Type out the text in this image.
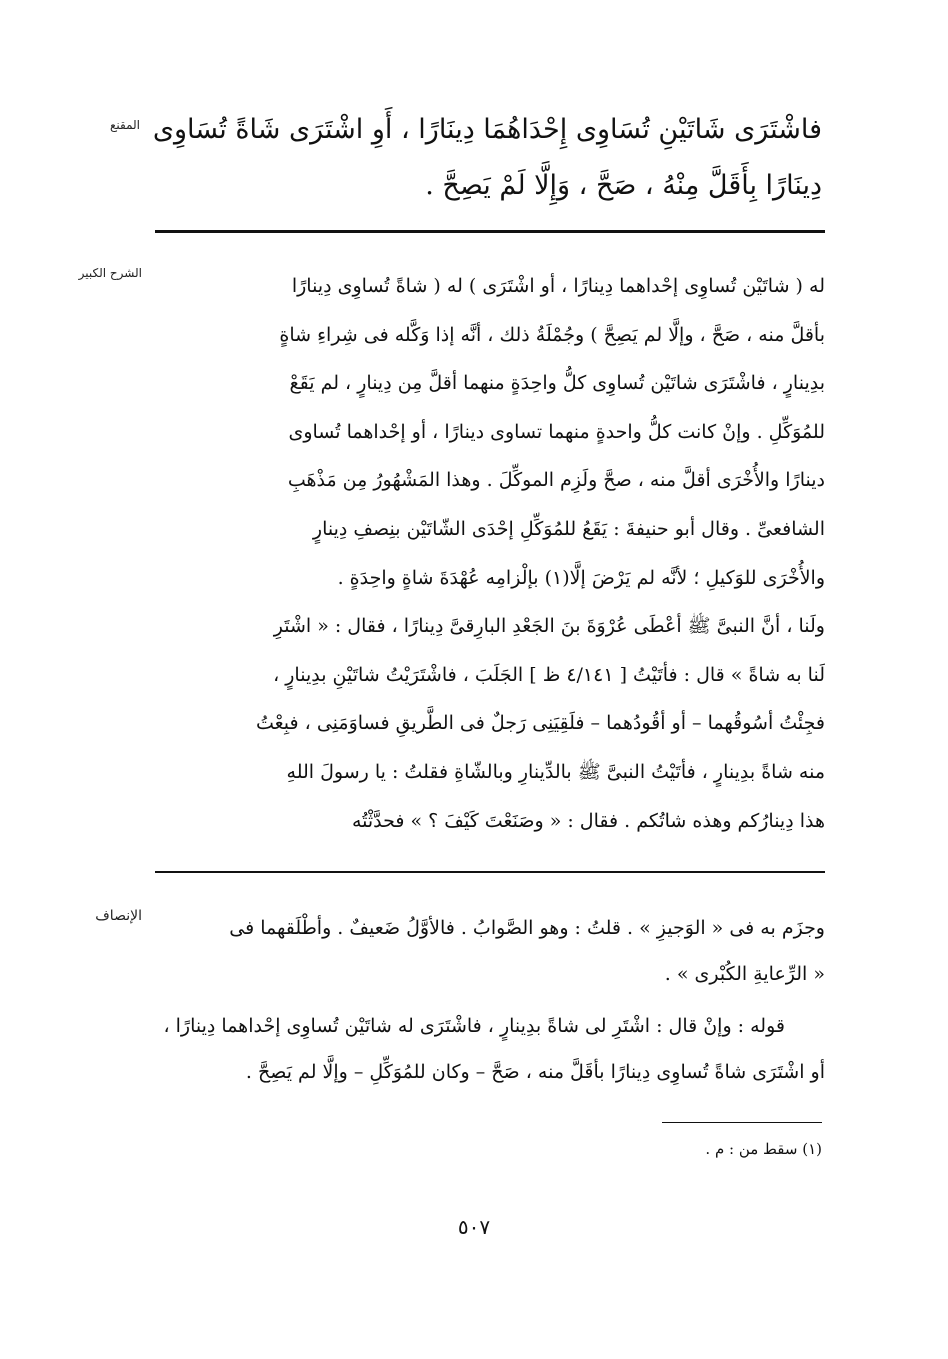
المقنع فاشْتَرَى شَاتَيْنِ تُسَاوِى إِحْدَاهُمَا دِينَارًا ، أَوِ اشْتَرَى شَاةً تُسَاوِى
دِينَارًا بِأَقَلَّ مِنْهُ ، صَحَّ ، وَإِلَّا لَمْ يَصِحَّ .
الشرح الكبير
له ( شاتَيْن تُساوِى إحْداهما دِينارًا ، أو اشْتَرَى ) له ( شاةً تُساوِى دِينارًا
بأقلَّ منه ، صَحَّ ، وإلَّا لم يَصِحَّ ) وجُمْلَةُ ذلك ، أنَّه إذا وَكَّله فى شِراءِ شاةٍ
بدِينارٍ ، فاشْتَرَى شاتَيْن تُساوِى كلُّ واحِدَةٍ منهما أقلَّ مِن دِينارٍ ، لم يَقَعْ
للمُوَكِّلِ . وإنْ كانت كلُّ واحدةٍ منهما تساوى دينارًا ، أو إحْداهما تُساوى
دينارًا والأُخْرَى أقلَّ منه ، صحَّ ولَزِم الموكِّلَ . وهذا المَشْهُورُ مِن مَذْهَبِ
الشافعىِّ . وقال أبو حنيفةَ : يَقَعُ للمُوَكِّلِ إحْدَى الشّاتَيْن بنِصفِ دِينارٍ
والأُخْرَى للوَكيلِ ؛ لأنَّه لم يَرْضَ إلَّا(١) بإلْزامِه عُهْدَةَ شاةٍ واحِدَةٍ .
ولَنا ، أنَّ النبىَّ ﷺ أعْطَى عُرْوَةَ بنَ الجَعْدِ البارِقىَّ دِينارًا ، فقال : « اشْتَرِ
لَنا به شاةً » قال : فأتَيْتُ [ ٤/١٤١ ظ ] الجَلَبَ ، فاشْتَرَيْتُ شاتَيْنِ بدِينارٍ ،
فجِئْتُ أسُوقُهما – أو أقُودُهما – فلَقِيَنِى رَجلٌ فى الطَّريقِ فساوَمَنِى ، فبِعْتُ
منه شاةً بدِينارٍ ، فأتَيْتُ النبىَّ ﷺ بالدِّينارِ وبالشّاةِ فقلتُ : يا رسولَ اللهِ
هذا دِينارُكم وهذه شاتُكم . فقال : « وصَنَعْتَ كَيْفَ ؟ » فحدَّثْتُه
الإنصاف
وجزَم به فى « الوَجيزِ » . قلتُ : وهو الصَّوابُ . فالأوَّلُ ضَعيفٌ . وأطْلَقهما فى
« الرِّعايةِ الكُبْرى » .
قوله : وإنْ قال : اشْتَرِ لى شاةً بدِينارٍ ، فاشْتَرَى له شاتَيْن تُساوِى إحْداهما دِينارًا ،
أو اشْتَرَى شاةً تُساوِى دِينارًا بأقَلَّ منه ، صَحَّ – وكان للمُوَكِّلِ – وإلَّا لم يَصِحَّ .
(١) سقط من : م .
٥٠٧
